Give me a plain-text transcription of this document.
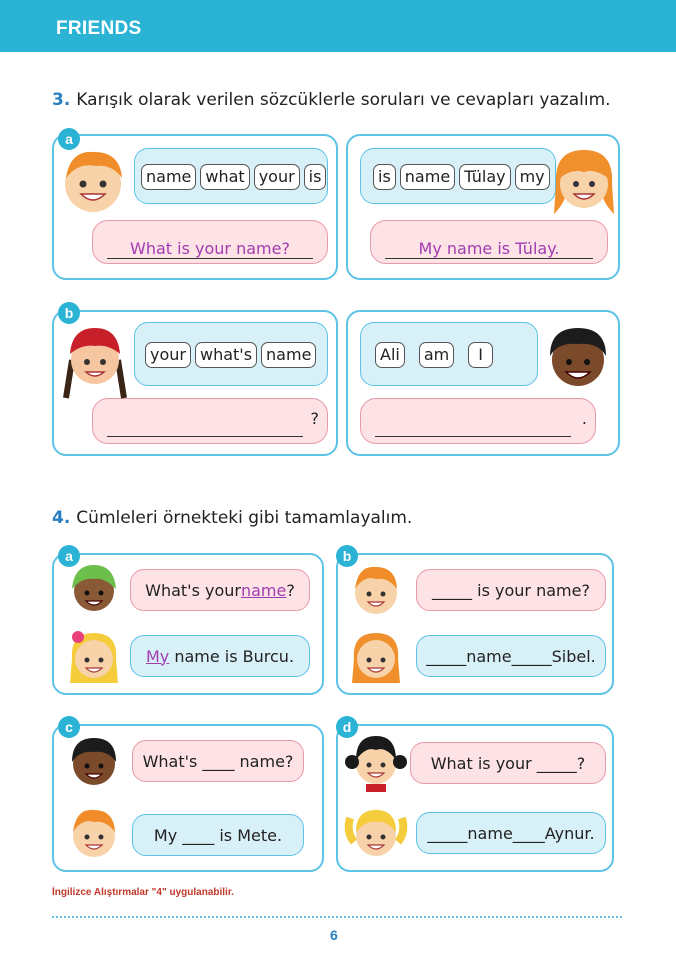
FRIENDS
3. Karışık olarak verilen sözcüklerle soruları ve cevapları yazalım.
name what your is
What is your name?
a
is name Tülay my
My name is Tülay.
your what's name
?
b
Ali	am	I
.
4. Cümleleri örnekteki gibi tamamlayalım.
What's your name ?
My name is Burcu.
a
_____ is your name?
_____name_____Sibel.
b
What's ____ name?
My ____ is Mete.
c
What is your _____?
_____name____Aynur.
d
İngilizce Alıştırmalar "4" uygulanabilir.
6
